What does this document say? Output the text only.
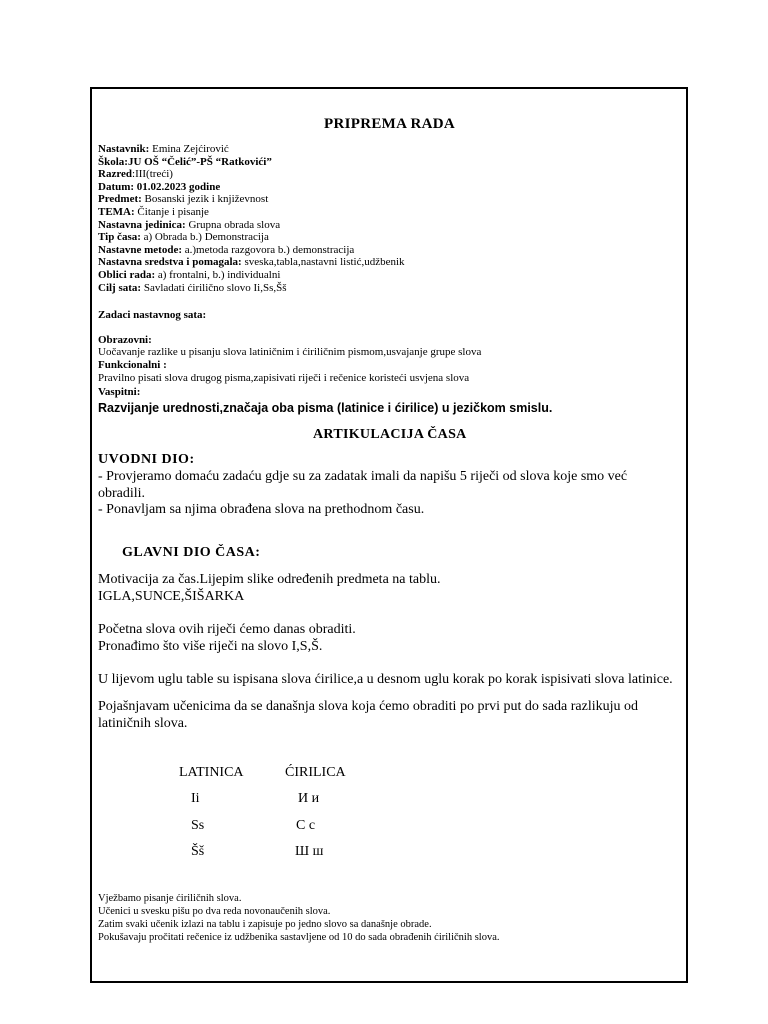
PRIPREMA RADA
Nastavnik: Emina Zejćirović
Škola:JU OŠ “Čelić”-PŠ “Ratkovići”
Razred:III(treći)
Datum: 01.02.2023 godine
Predmet: Bosanski jezik i književnost
TEMA: Čitanje i pisanje
Nastavna jedinica: Grupna obrada slova
Tip časa: a) Obrada b.) Demonstracija
Nastavne metode: a.)metoda razgovora b.) demonstracija
Nastavna sredstva i pomagala: sveska,tabla,nastavni listić,udžbenik
Oblici rada: a) frontalni, b.) individualni
Cilj sata: Savladati ćirilično slovo Ii,Ss,Šš
Zadaci nastavnog sata:
Obrazovni:
Uočavanje razlike u pisanju slova latiničnim i ćiriličnim pismom,usvajanje grupe slova
Funkcionalni :
Pravilno pisati slova drugog pisma,zapisivati riječi i rečenice koristeći usvjena slova
Vaspitni:
Razvijanje urednosti,značaja oba pisma (latinice i ćirilice) u jezičkom smislu.
ARTIKULACIJA ČASA
UVODNI DIO:
- Provjeramo domaću zadaću gdje su za zadatak imali da napišu 5 riječi od slova koje smo već
obradili.
- Ponavljam sa njima obrađena slova na prethodnom času.
GLAVNI DIO ČASA:
Motivacija za čas.Lijepim slike određenih predmeta na tablu.
IGLA,SUNCE,ŠIŠARKA
Početna slova ovih riječi ćemo danas obraditi.
Pronađimo što više riječi na slovo I,S,Š.
U lijevom uglu table su ispisana slova ćirilice,a u desnom uglu korak po korak ispisivati slova latinice.
Pojašnjavam učenicima da se današnja slova koja ćemo obraditi po prvi put do sada razlikuju od
latiničnih slova.
LATINICA	ĆIRILICA
Ii	И и
Ss	С с
Šš	Ш ш
Vježbamo pisanje ćiriličnih slova.
Učenici u svesku pišu po dva reda novonaučenih slova.
Zatim svaki učenik izlazi na tablu i zapisuje po jedno slovo sa današnje obrade.
Pokušavaju pročitati rečenice iz udžbenika sastavljene od 10 do sada obrađenih ćiriličnih slova.
